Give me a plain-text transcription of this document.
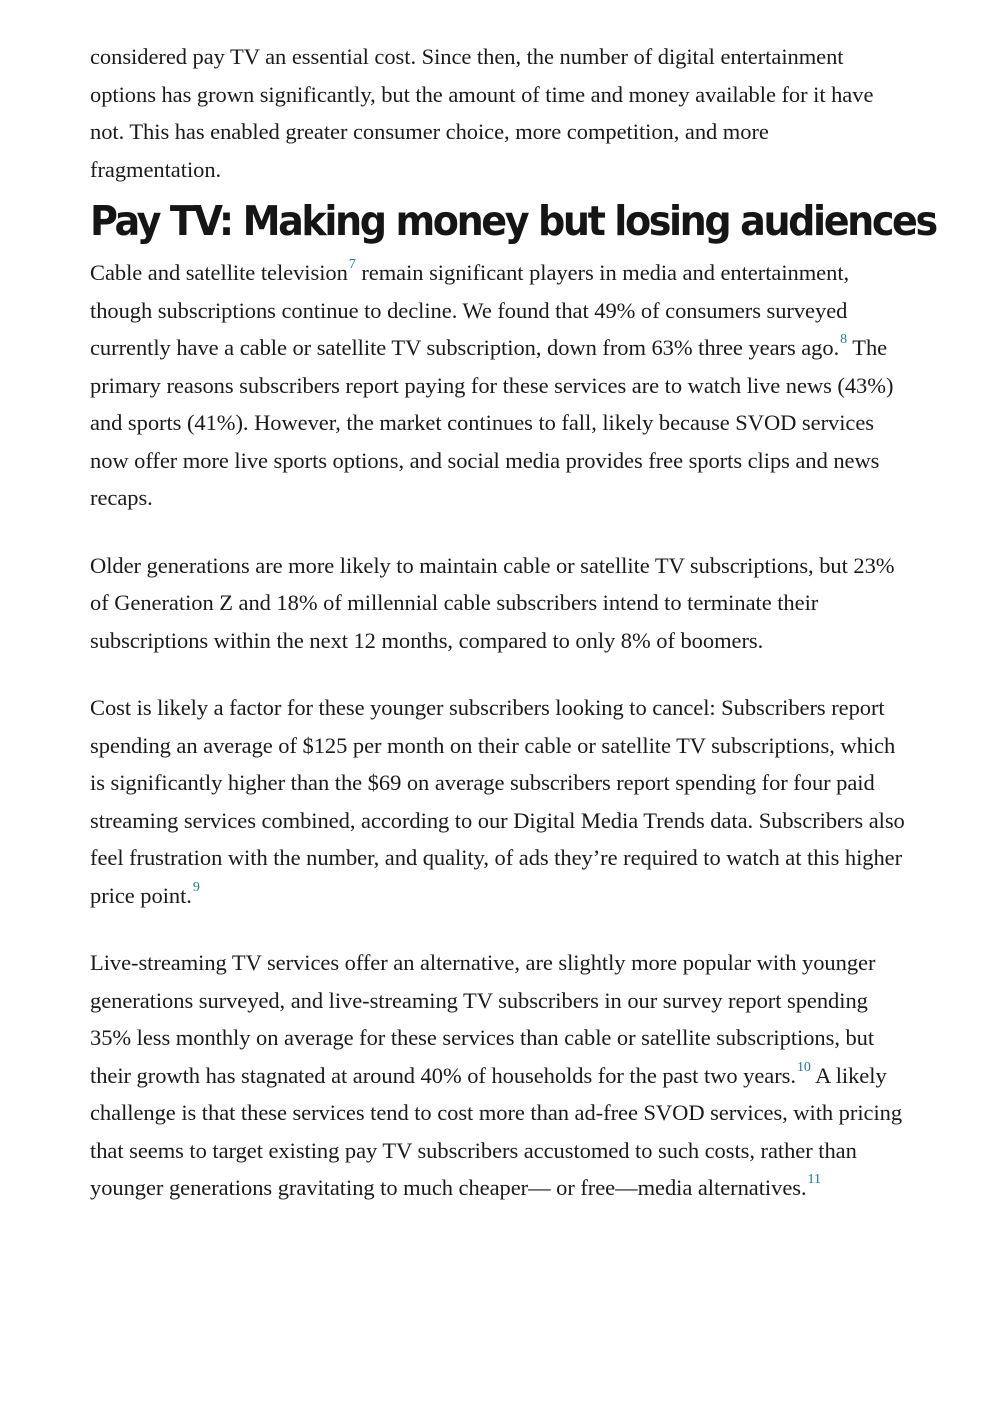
considered pay TV an essential cost. Since then, the number of digital entertainment options has grown significantly, but the amount of time and money available for it have not. This has enabled greater consumer choice, more competition, and more fragmentation.

Pay TV: Making money but losing audiences

Cable and satellite television$^7$ remain significant players in media and entertainment, though subscriptions continue to decline. We found that 49% of consumers surveyed currently have a cable or satellite TV subscription, down from 63% three years ago.$^8$ The primary reasons subscribers report paying for these services are to watch live news (43%) and sports (41%). However, the market continues to fall, likely because SVOD services now offer more live sports options, and social media provides free sports clips and news recaps.

Older generations are more likely to maintain cable or satellite TV subscriptions, but 23% of Generation Z and 18% of millennial cable subscribers intend to terminate their subscriptions within the next 12 months, compared to only 8% of boomers.

Cost is likely a factor for these younger subscribers looking to cancel: Subscribers report spending an average of $125 per month on their cable or satellite TV subscriptions, which is significantly higher than the $69 on average subscribers report spending for four paid streaming services combined, according to our Digital Media Trends data. Subscribers also feel frustration with the number, and quality, of ads they’re required to watch at this higher price point.$^9$

Live-streaming TV services offer an alternative, are slightly more popular with younger generations surveyed, and live-streaming TV subscribers in our survey report spending 35% less monthly on average for these services than cable or satellite subscriptions, but their growth has stagnated at around 40% of households for the past two years.$^{10}$ A likely challenge is that these services tend to cost more than ad-free SVOD services, with pricing that seems to target existing pay TV subscribers accustomed to such costs, rather than younger generations gravitating to much cheaper— or free—media alternatives.$^{11}$
